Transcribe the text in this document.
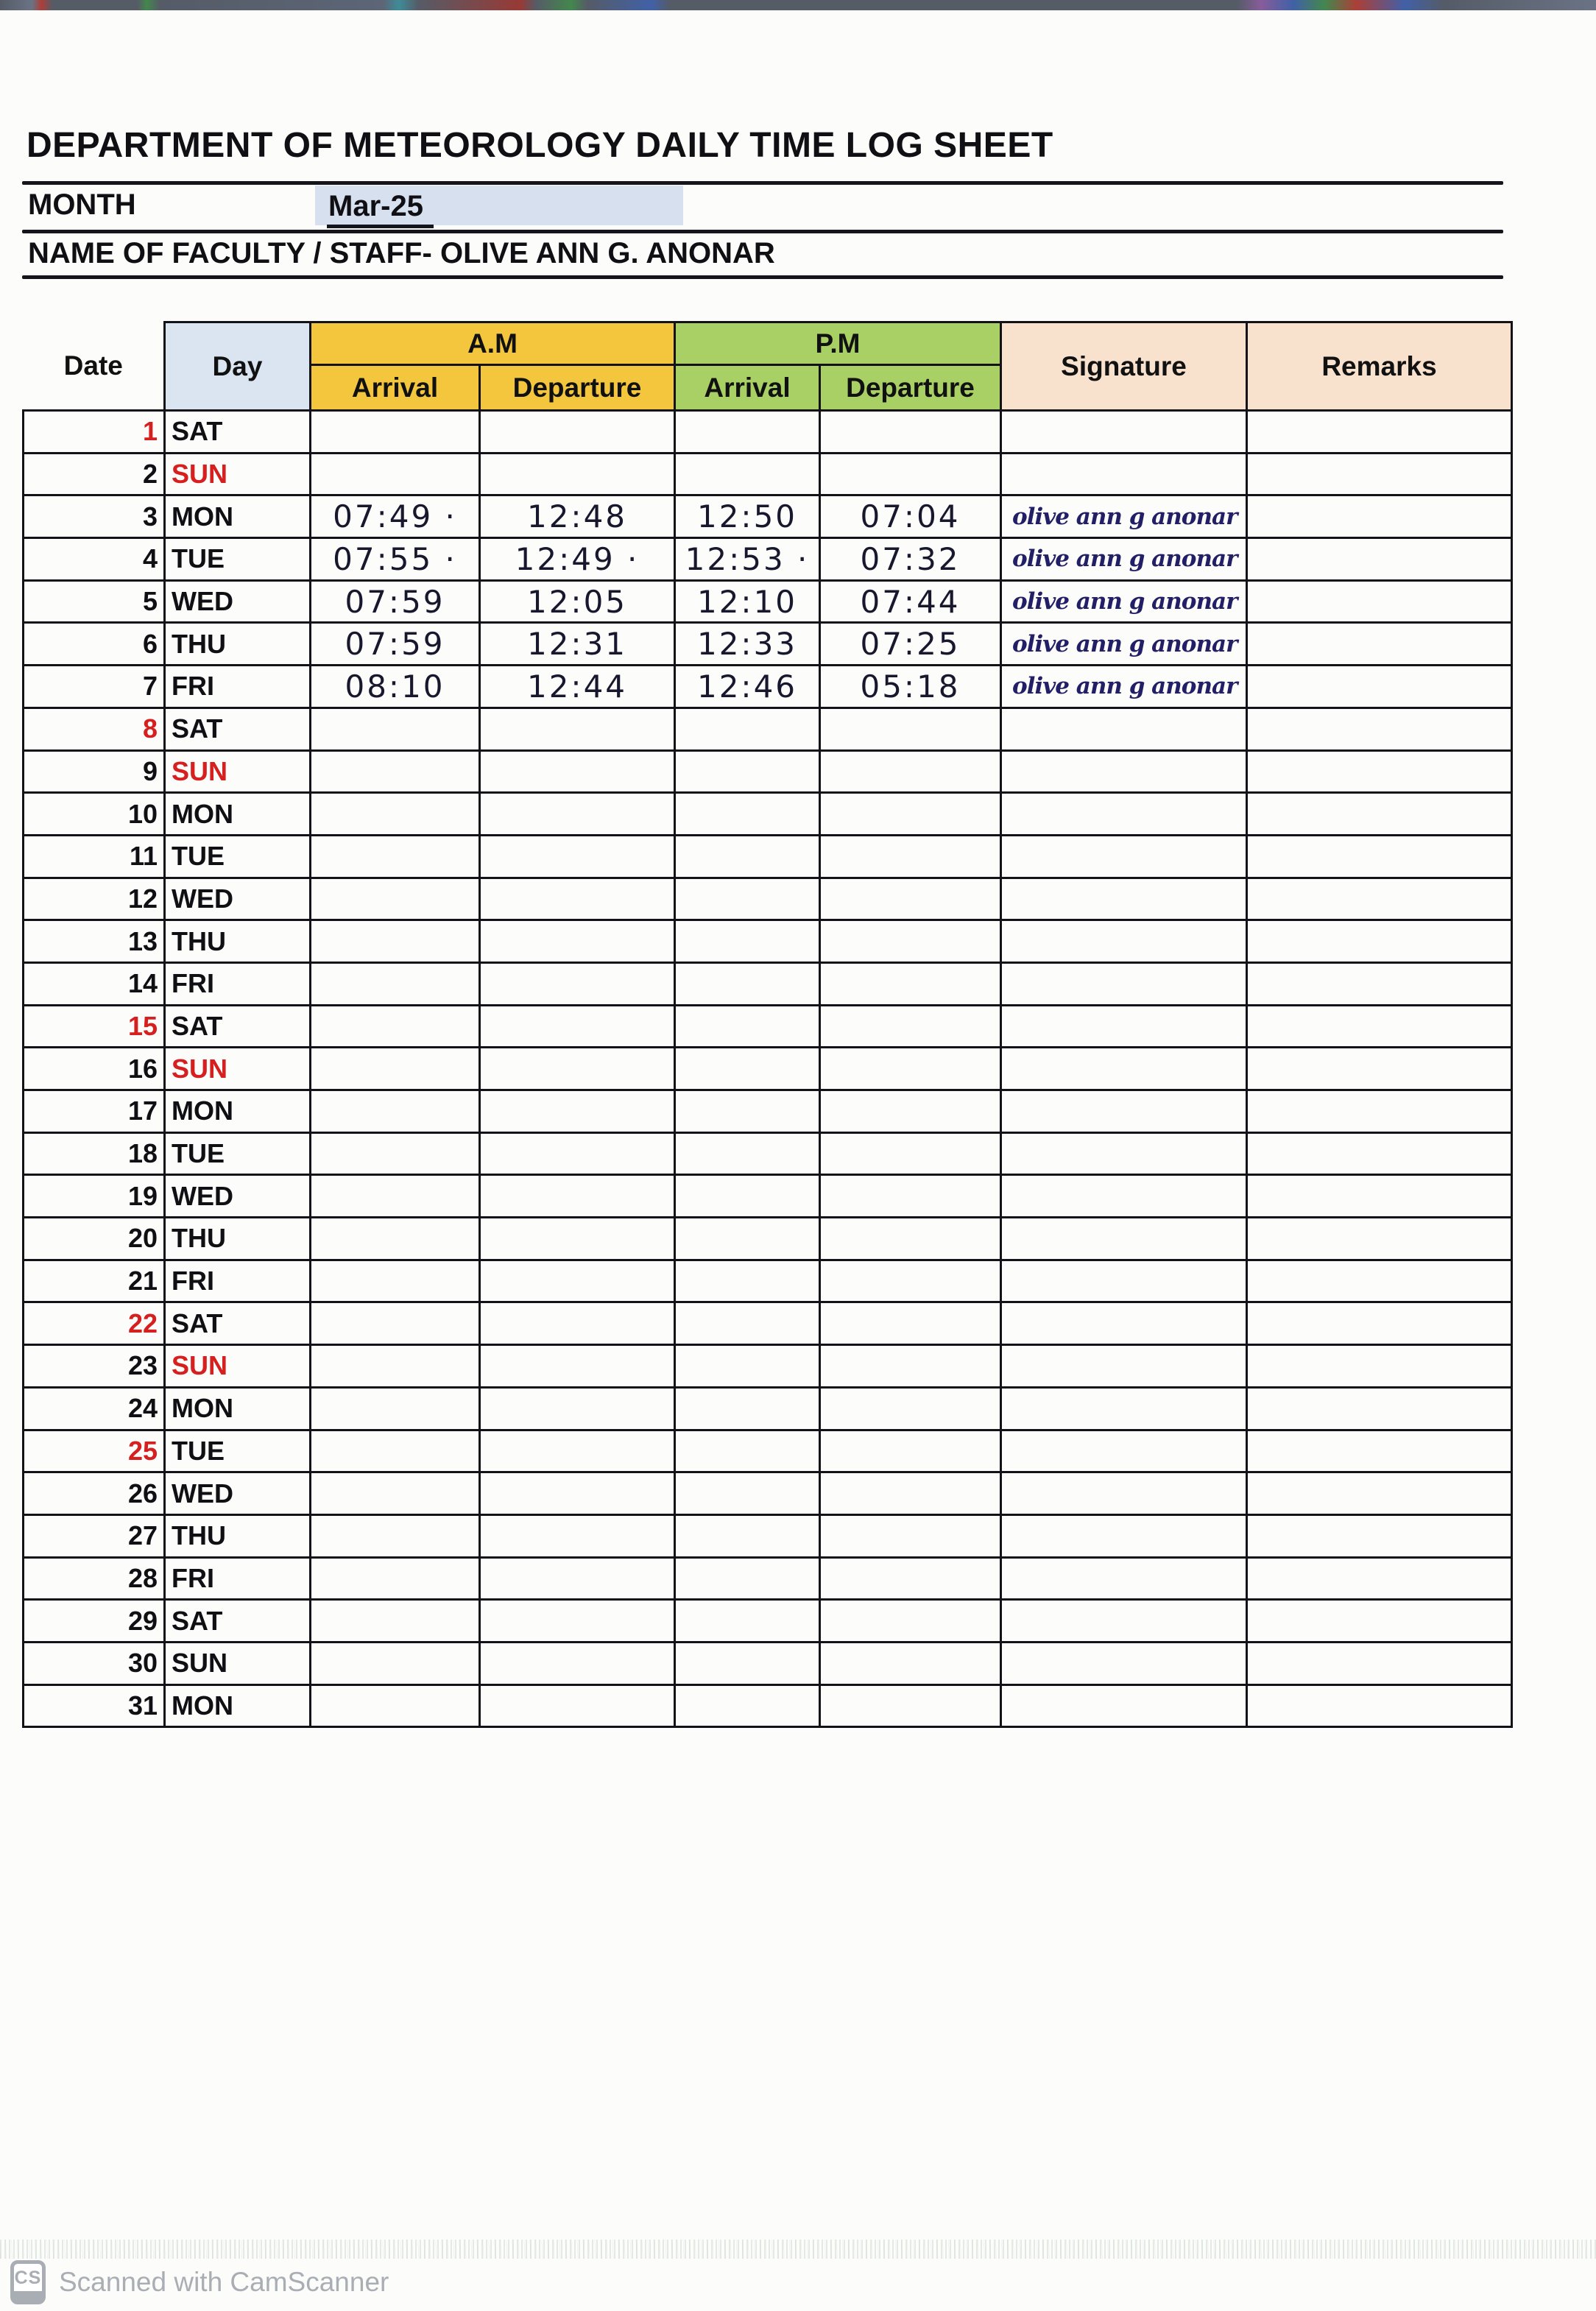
DEPARTMENT OF METEOROLOGY DAILY TIME LOG SHEET
MONTH	Mar-25
NAME OF FACULTY / STAFF- OLIVE ANN G. ANONAR
Date	Day	A.M		P.M		Signature	Remarks
		Arrival	Departure	Arrival	Departure		
1	SAT						
2	SUN						
3	MON	07:49 ·	12:48	12:50	07:04	olive ann g anonar	
4	TUE	07:55 ·	12:49 ·	12:53 ·	07:32	olive ann g anonar	
5	WED	07:59	12:05	12:10	07:44	olive ann g anonar	
6	THU	07:59	12:31	12:33	07:25	olive ann g anonar	
7	FRI	08:10	12:44	12:46	05:18	olive ann g anonar	
8	SAT						
9	SUN						
10	MON						
11	TUE						
12	WED						
13	THU						
14	FRI						
15	SAT						
16	SUN						
17	MON						
18	TUE						
19	WED						
20	THU						
21	FRI						
22	SAT						
23	SUN						
24	MON						
25	TUE						
26	WED						
27	THU						
28	FRI						
29	SAT						
30	SUN						
31	MON						
CS Scanned with CamScanner
